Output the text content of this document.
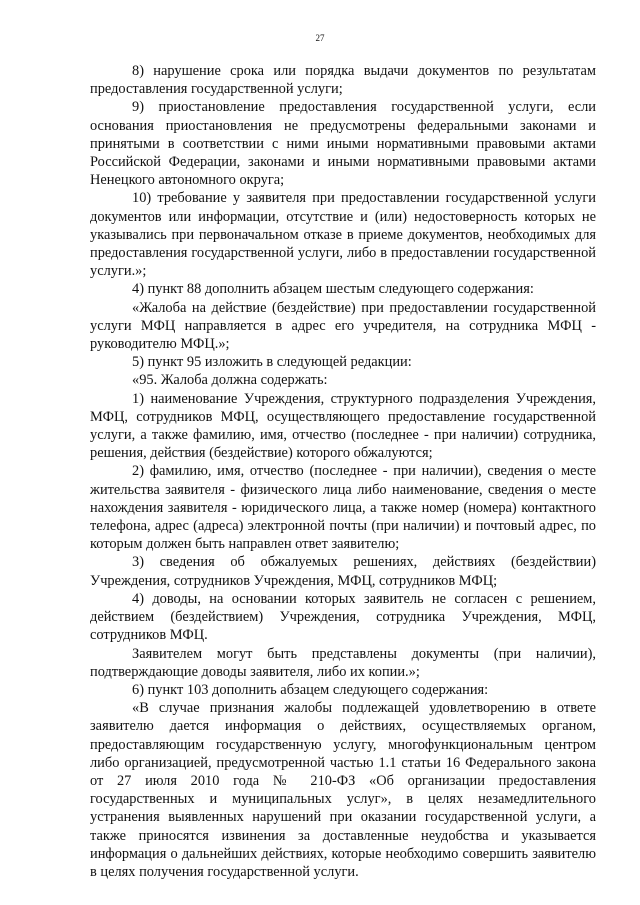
27

8) нарушение срока или порядка выдачи документов по результатам предоставления государственной услуги;

9) приостановление предоставления государственной услуги, если основания приостановления не предусмотрены федеральными законами и принятыми в соответствии с ними иными нормативными правовыми актами Российской Федерации, законами и иными нормативными правовыми актами Ненецкого автономного округа;

10) требование у заявителя при предоставлении государственной услуги документов или информации, отсутствие и (или) недостоверность которых не указывались при первоначальном отказе в приеме документов, необходимых для предоставления государственной услуги, либо в предоставлении государственной услуги.»;

4) пункт 88 дополнить абзацем шестым следующего содержания:

«Жалоба на действие (бездействие) при предоставлении государственной услуги МФЦ направляется в адрес его учредителя, на сотрудника МФЦ - руководителю МФЦ.»;

5) пункт 95 изложить в следующей редакции:

«95. Жалоба должна содержать:

1) наименование Учреждения, структурного подразделения Учреждения, МФЦ, сотрудников МФЦ, осуществляющего предоставление государственной услуги, а также фамилию, имя, отчество (последнее - при наличии) сотрудника, решения, действия (бездействие) которого обжалуются;

2) фамилию, имя, отчество (последнее - при наличии), сведения о месте жительства заявителя - физического лица либо наименование, сведения о месте нахождения заявителя - юридического лица, а также номер (номера) контактного телефона, адрес (адреса) электронной почты (при наличии) и почтовый адрес, по которым должен быть направлен ответ заявителю;

3) сведения об обжалуемых решениях, действиях (бездействии) Учреждения, сотрудников Учреждения, МФЦ, сотрудников МФЦ;

4) доводы, на основании которых заявитель не согласен с решением, действием (бездействием) Учреждения, сотрудника Учреждения, МФЦ, сотрудников МФЦ.

Заявителем могут быть представлены документы (при наличии), подтверждающие доводы заявителя, либо их копии.»;

6) пункт 103 дополнить абзацем следующего содержания:

«В случае признания жалобы подлежащей удовлетворению в ответе заявителю дается информация о действиях, осуществляемых органом, предоставляющим государственную услугу, многофункциональным центром либо организацией, предусмотренной частью 1.1 статьи 16 Федерального закона от 27 июля 2010 года № 210-ФЗ «Об организации предоставления государственных и муниципальных услуг», в целях незамедлительного устранения выявленных нарушений при оказании государственной услуги, а также приносятся извинения за доставленные неудобства и указывается информация о дальнейших действиях, которые необходимо совершить заявителю в целях получения государственной услуги.
